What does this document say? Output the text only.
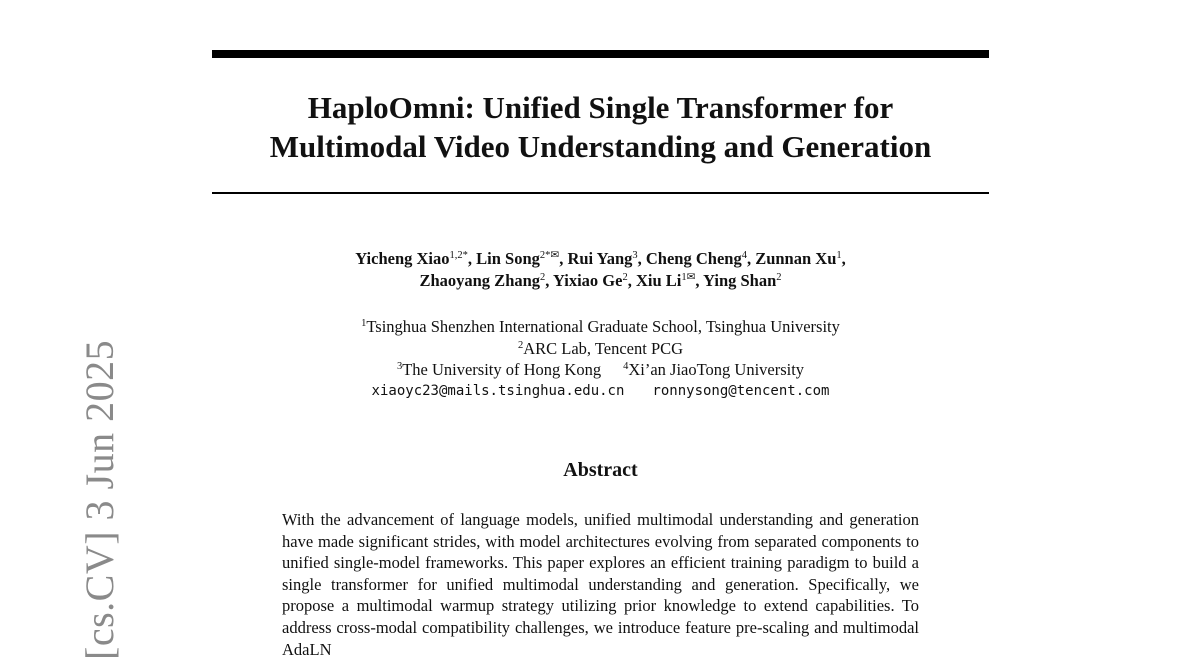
[cs.CV] 3 Jun 2025
HaploOmni: Unified Single Transformer for
Multimodal Video Understanding and Generation
Yicheng Xiao$^{1,2*}$, Lin Song$^{2*✉}$, Rui Yang$^3$, Cheng Cheng$^4$, Zunnan Xu$^1$,
Zhaoyang Zhang$^2$, Yixiao Ge$^2$, Xiu $Li^{1✉}$, Ying Shan$^2$
$^1$Tsinghua Shenzhen International Graduate School, Tsinghua University
$^2$ARC Lab, Tencent PCG
$^3$The University of Hong Kong $^4$Xi’an JiaoTong University
xiaoyc23@mails.tsinghua.edu.cn ronnysong@tencent.com
Abstract

With the advancement of language models, unified multimodal understanding and generation have made significant strides, with model architectures evolving from separated components to unified single-model frameworks. This paper explores an efficient training paradigm to build a single transformer for unified multimodal understanding and generation. Specifically, we propose a multimodal warmup strategy utilizing prior knowledge to extend capabilities. To address cross-modal compatibility challenges, we introduce feature pre-scaling and multimodal AdaLN
